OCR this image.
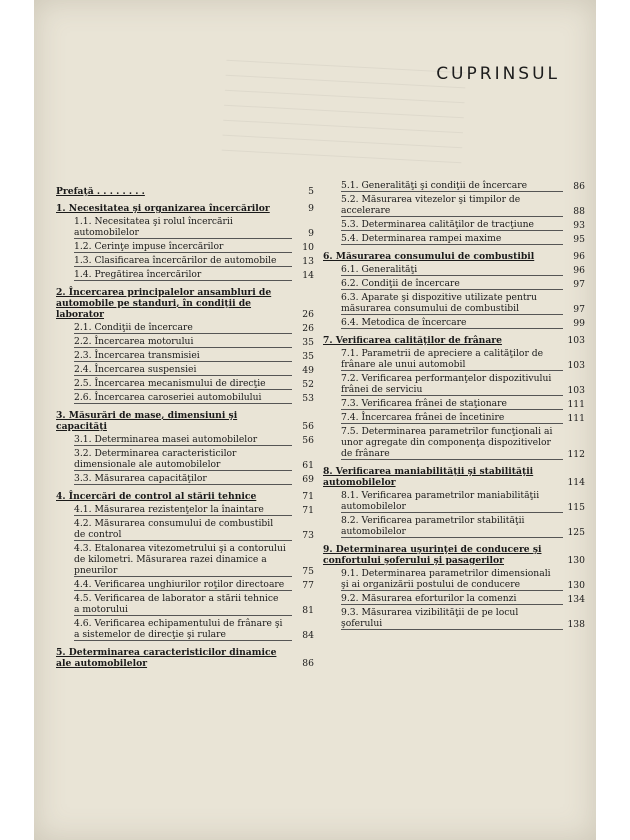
CUPRINSUL
Prefaţă . . . . . . . .	5
1. Necesitatea şi organizarea încercărilor	9
1.1. Necesitatea şi rolul încercării automobilelor	9
1.2. Cerinţe impuse încercărilor	10
1.3. Clasificarea încercărilor de automobile	13
1.4. Pregătirea încercărilor	14
2. Încercarea principalelor ansambluri de automobile pe standuri, în condiţii de laborator	26
2.1. Condiţii de încercare	26
2.2. Încercarea motorului	35
2.3. Încercarea transmisiei	35
2.4. Încercarea suspensiei	49
2.5. Încercarea mecanismului de direcţie	52
2.6. Încercarea caroseriei automobilului	53
3. Măsurări de mase, dimensiuni şi capacităţi	56
3.1. Determinarea masei automobilelor	56
3.2. Determinarea caracteristicilor dimensionale ale automobilelor	61
3.3. Măsurarea capacităţilor	69
4. Încercări de control al stării tehnice	71
4.1. Măsurarea rezistenţelor la înaintare	71
4.2. Măsurarea consumului de combustibil de control	73
4.3. Etalonarea vitezometrului şi a contorului de kilometri. Măsurarea razei dinamice a pneurilor	75
4.4. Verificarea unghiurilor roţilor directoare	77
4.5. Verificarea de laborator a stării tehnice a motorului	81
4.6. Verificarea echipamentului de frânare şi a sistemelor de direcţie şi rulare	84
5. Determinarea caracteristicilor dinamice ale automobilelor	86
5.1. Generalităţi şi condiţii de încercare	86
5.2. Măsurarea vitezelor şi timpilor de accelerare	88
5.3. Determinarea calităţilor de tracţiune	93
5.4. Determinarea rampei maxime	95
6. Măsurarea consumului de combustibil	96
6.1. Generalităţi	96
6.2. Condiţii de încercare	97
6.3. Aparate şi dispozitive utilizate pentru măsurarea consumului de combustibil	97
6.4. Metodica de încercare	99
7. Verificarea calităţilor de frânare	103
7.1. Parametrii de apreciere a calităţilor de frânare ale unui automobil	103
7.2. Verificarea performanţelor dispozitivului frânei de serviciu	103
7.3. Verificarea frânei de staţionare	111
7.4. Încercarea frânei de încetinire	111
7.5. Determinarea parametrilor funcţionali ai unor agregate din componenţa dispozitivelor de frânare	112
8. Verificarea maniabilităţii şi stabilităţii automobilelor	114
8.1. Verificarea parametrilor maniabilităţii automobilelor	115
8.2. Verificarea parametrilor stabilităţii automobilelor	125
9. Determinarea uşurinţei de conducere şi confortului şoferului şi pasagerilor	130
9.1. Determinarea parametrilor dimensionali şi ai organizării postului de conducere	130
9.2. Măsurarea eforturilor la comenzi	134
9.3. Măsurarea vizibilităţii de pe locul şoferului	138
